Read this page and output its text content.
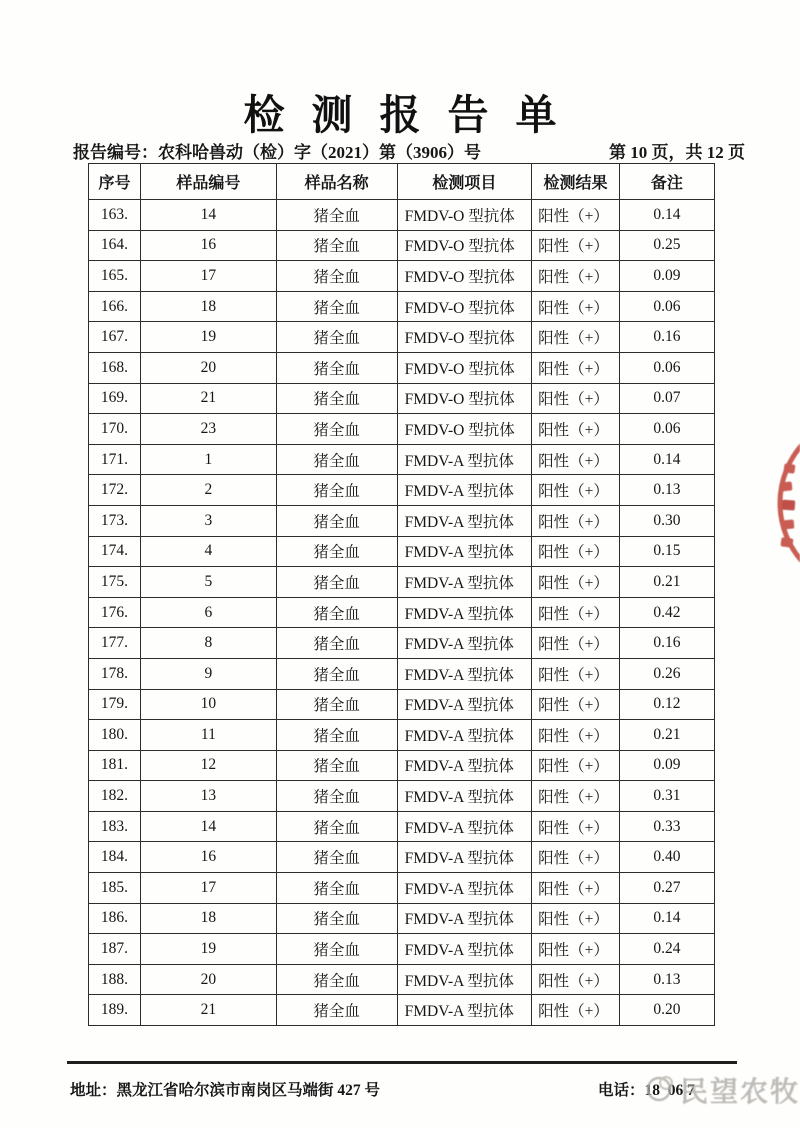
检测报告单
报告编号：农科哈兽动（检）字（2021）第（3906）号	第 10 页，共 12 页
序号	样品编号	样品名称	检测项目	检测结果	备注
163.	14	猪全血	FMDV-O 型抗体	阳性（+）	0.14
164.	16	猪全血	FMDV-O 型抗体	阳性（+）	0.25
165.	17	猪全血	FMDV-O 型抗体	阳性（+）	0.09
166.	18	猪全血	FMDV-O 型抗体	阳性（+）	0.06
167.	19	猪全血	FMDV-O 型抗体	阳性（+）	0.16
168.	20	猪全血	FMDV-O 型抗体	阳性（+）	0.06
169.	21	猪全血	FMDV-O 型抗体	阳性（+）	0.07
170.	23	猪全血	FMDV-O 型抗体	阳性（+）	0.06
171.	1	猪全血	FMDV-A 型抗体	阳性（+）	0.14
172.	2	猪全血	FMDV-A 型抗体	阳性（+）	0.13
173.	3	猪全血	FMDV-A 型抗体	阳性（+）	0.30
174.	4	猪全血	FMDV-A 型抗体	阳性（+）	0.15
175.	5	猪全血	FMDV-A 型抗体	阳性（+）	0.21
176.	6	猪全血	FMDV-A 型抗体	阳性（+）	0.42
177.	8	猪全血	FMDV-A 型抗体	阳性（+）	0.16
178.	9	猪全血	FMDV-A 型抗体	阳性（+）	0.26
179.	10	猪全血	FMDV-A 型抗体	阳性（+）	0.12
180.	11	猪全血	FMDV-A 型抗体	阳性（+）	0.21
181.	12	猪全血	FMDV-A 型抗体	阳性（+）	0.09
182.	13	猪全血	FMDV-A 型抗体	阳性（+）	0.31
183.	14	猪全血	FMDV-A 型抗体	阳性（+）	0.33
184.	16	猪全血	FMDV-A 型抗体	阳性（+）	0.40
185.	17	猪全血	FMDV-A 型抗体	阳性（+）	0.27
186.	18	猪全血	FMDV-A 型抗体	阳性（+）	0.14
187.	19	猪全血	FMDV-A 型抗体	阳性（+）	0.24
188.	20	猪全血	FMDV-A 型抗体	阳性（+）	0.13
189.	21	猪全血	FMDV-A 型抗体	阳性（+）	0.20
地址：黑龙江省哈尔滨市南岗区马端街 427 号	电话：18  06 7
民望农牧
